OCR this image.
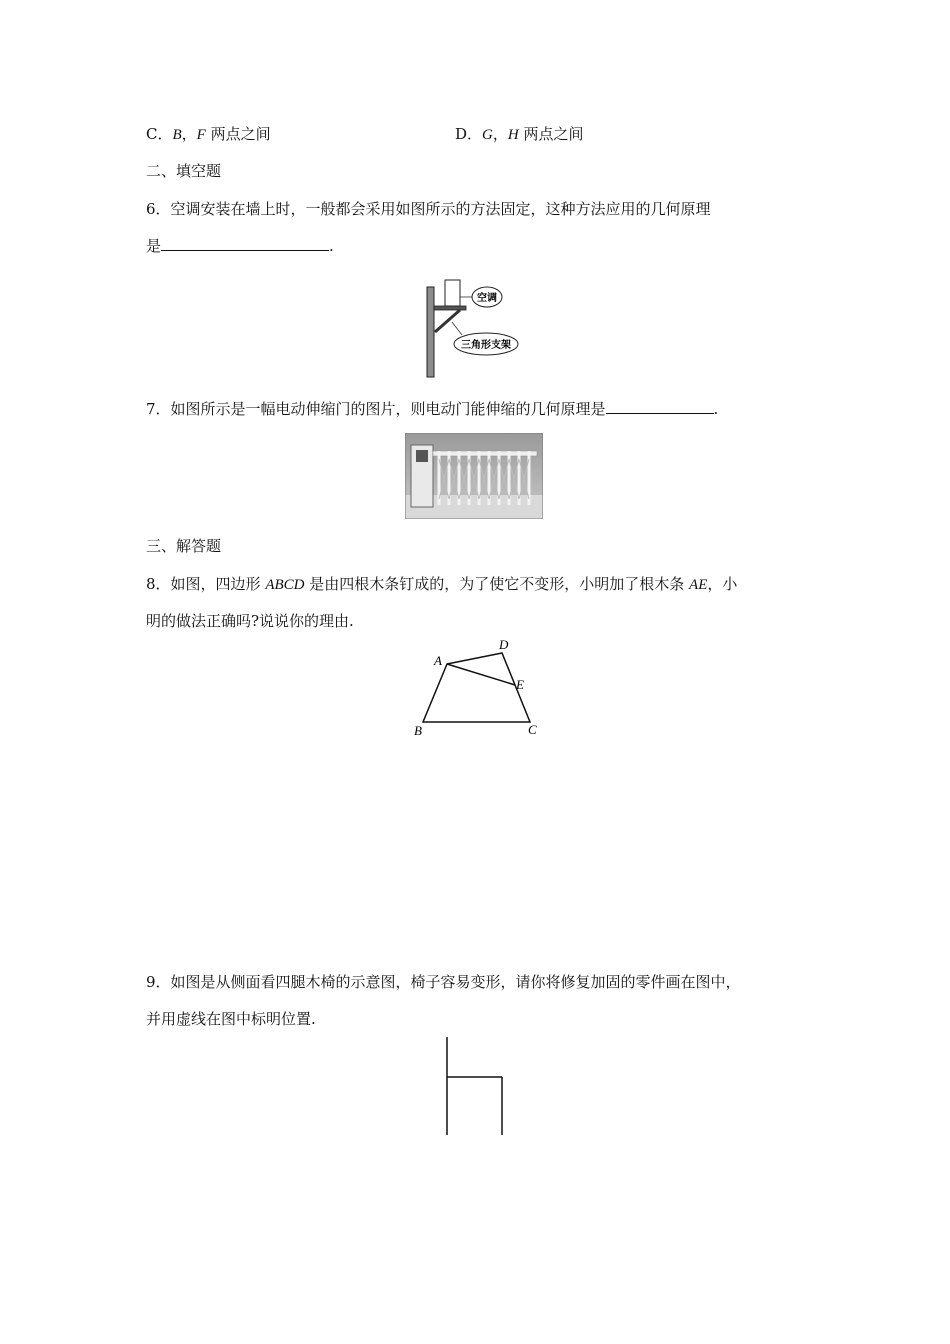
C．B，F 两点之间	D．G，H 两点之间
二、填空题
6．空调安装在墙上时，一般都会采用如图所示的方法固定，这种方法应用的几何原理
是	.
空调
三角形支架
7．如图所示是一幅电动伸缩门的图片，则电动门能伸缩的几何原理是	.
三、解答题
8．如图，四边形 ABCD 是由四根木条钉成的，为了使它不变形，小明加了根木条 AE，小
明的做法正确吗?说说你的理由.
A
D
E
B	C
9．如图是从侧面看四腿木椅的示意图，椅子容易变形，请你将修复加固的零件画在图中，
并用虚线在图中标明位置.
